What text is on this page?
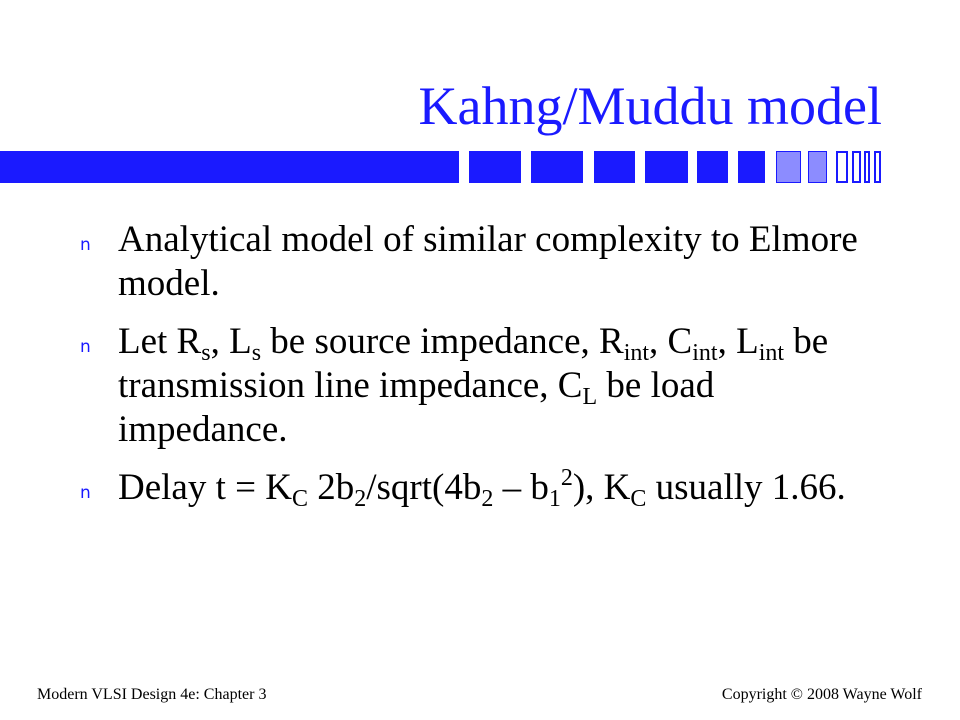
Kahng/Muddu model
n Analytical model of similar complexity to Elmore model.
n Let $R_s$, $L_s$ be source impedance, $R_{int}$, $C_{int}$, $L_{int}$ be transmission line impedance, $C_L$ be load impedance.
n Delay $t = K_C$ $2b_2/sqrt(4b_2 - b_1^2)$, $K_C$ usually 1.66.
Modern VLSI Design 4e: Chapter 3	Copyright © 2008 Wayne Wolf
